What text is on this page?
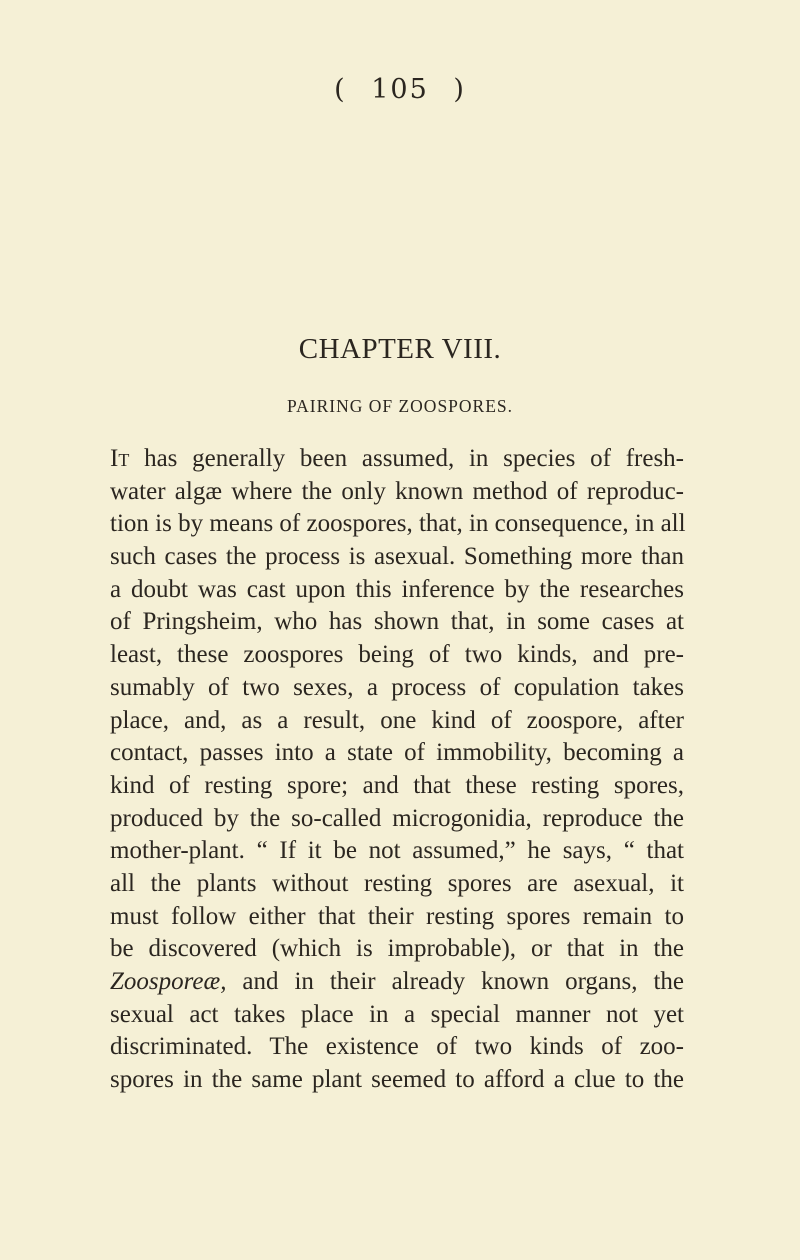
( 105 )
CHAPTER VIII.
PAIRING OF ZOOSPORES.
It has generally been assumed, in species of fresh-
water algæ where the only known method of reproduc-
tion is by means of zoospores, that, in consequence, in all
such cases the process is asexual. Something more than
a doubt was cast upon this inference by the researches
of Pringsheim, who has shown that, in some cases at
least, these zoospores being of two kinds, and pre-
sumably of two sexes, a process of copulation takes
place, and, as a result, one kind of zoospore, after
contact, passes into a state of immobility, becoming a
kind of resting spore; and that these resting spores,
produced by the so-called microgonidia, reproduce the
mother-plant. “ If it be not assumed,” he says, “ that
all the plants without resting spores are asexual, it
must follow either that their resting spores remain to
be discovered (which is improbable), or that in the
Zoosporeæ, and in their already known organs, the
sexual act takes place in a special manner not yet
discriminated. The existence of two kinds of zoo-
spores in the same plant seemed to afford a clue to the
